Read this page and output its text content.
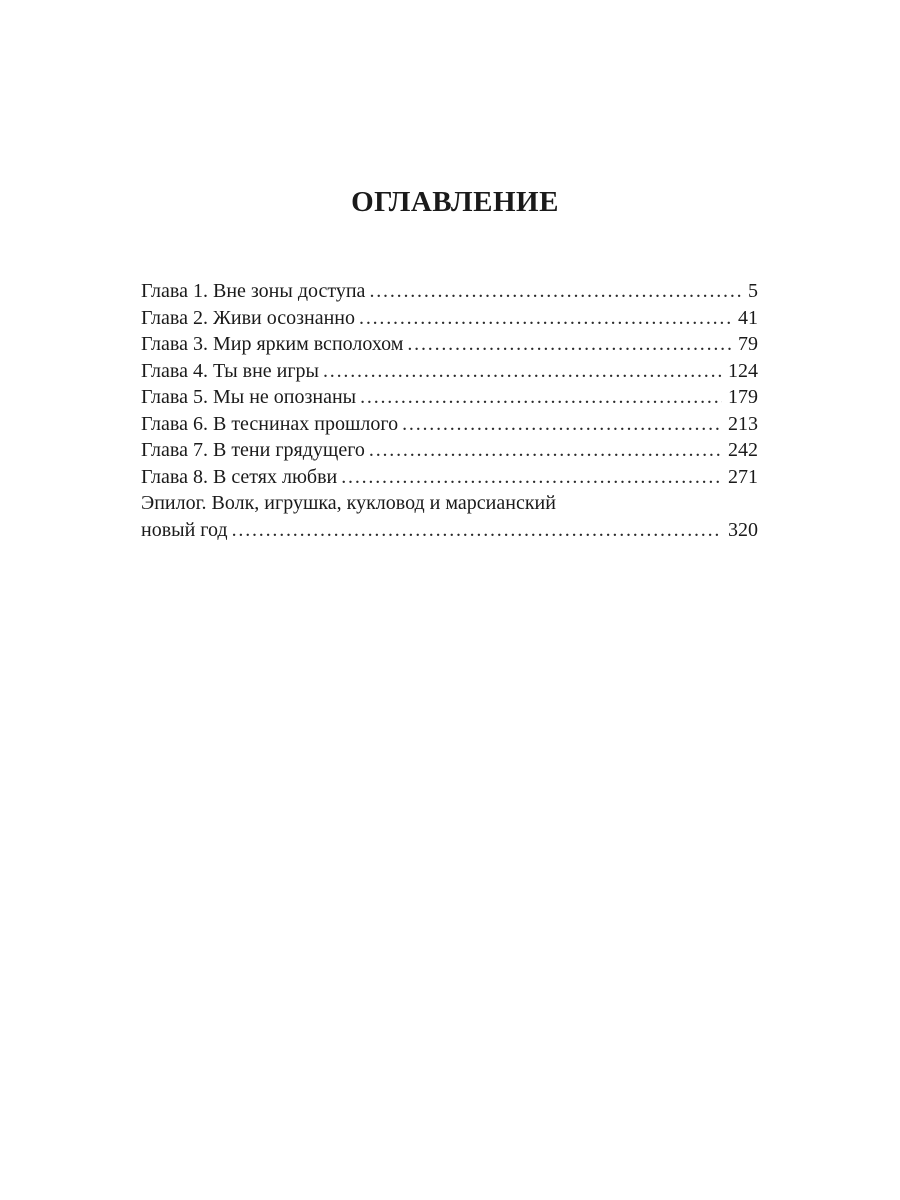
ОГЛАВЛЕНИЕ
Глава 1. Вне зоны доступа . . .	5
Глава 2. Живи осознанно . . .	41
Глава 3. Мир ярким всполохом . . .	79
Глава 4. Ты вне игры . . .	124
Глава 5. Мы не опознаны . . .	179
Глава 6. В теснинах прошлого . . .	213
Глава 7. В тени грядущего . . .	242
Глава 8. В сетях любви . . .	271
Эпилог. Волк, игрушка, кукловод и марсианский
новый год . . .	320
